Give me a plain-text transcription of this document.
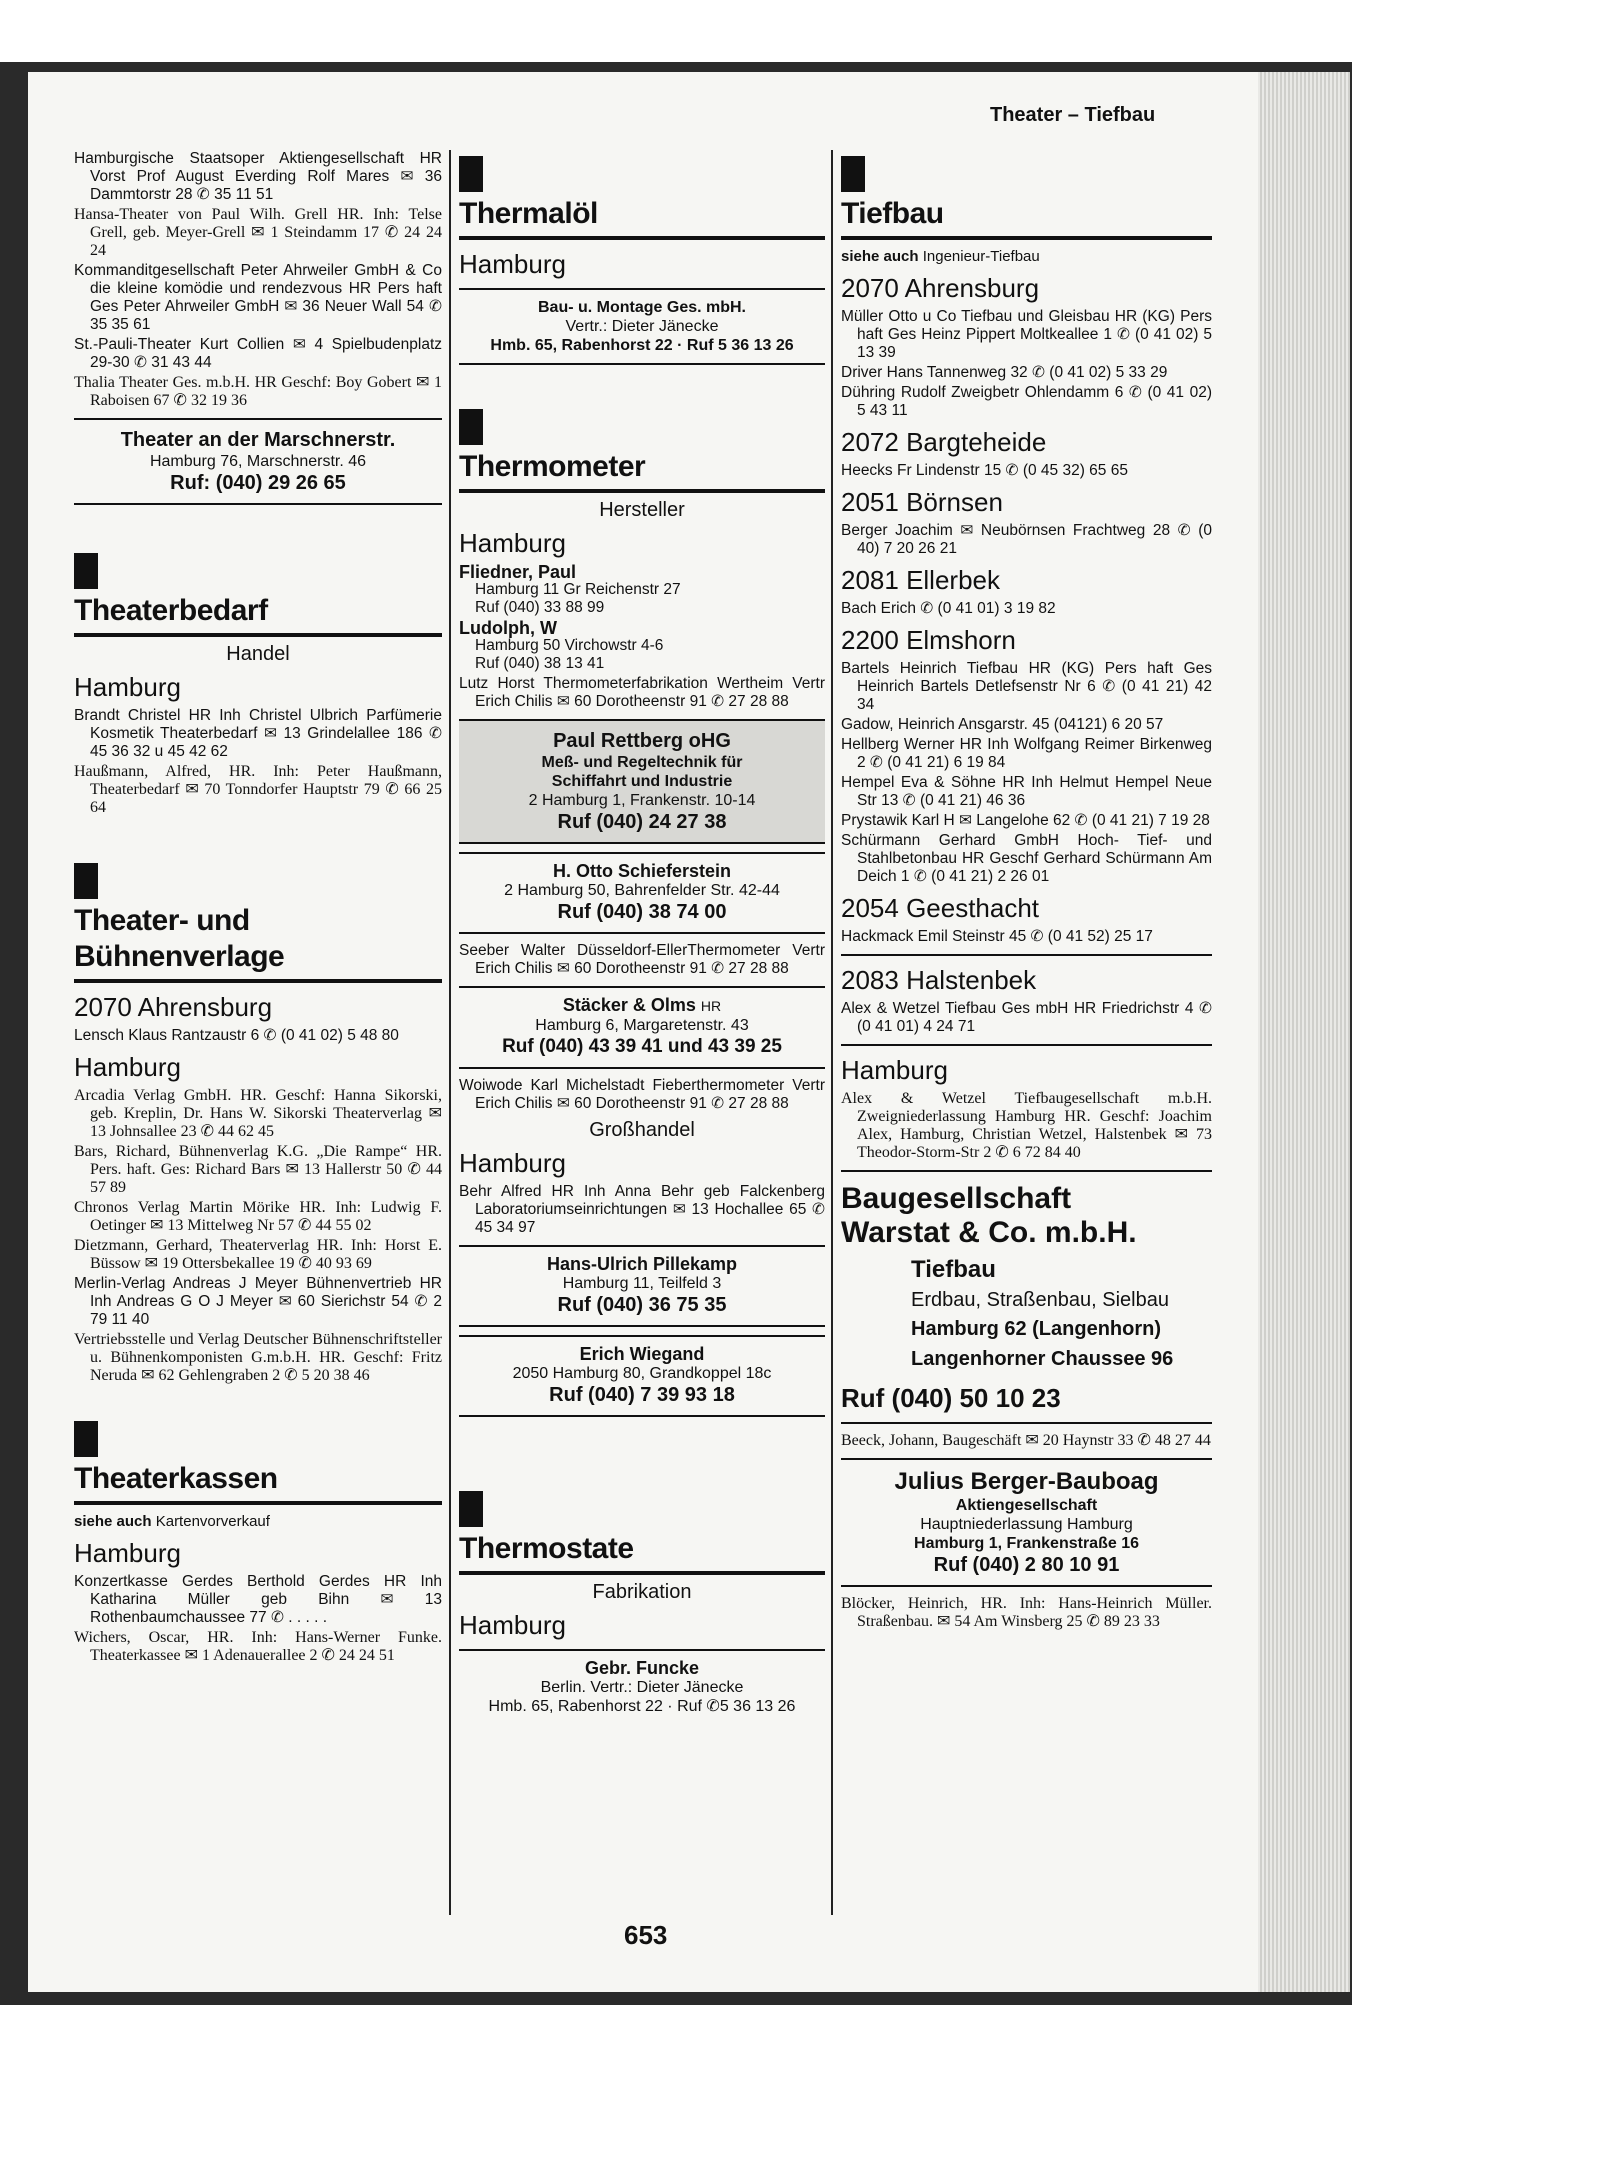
Theater – Tiefbau
Hamburgische Staatsoper Aktiengesellschaft HR Vorst Prof August Everding Rolf Mares ✉ 36 Dammtorstr 28 ✆ 35 11 51
Hansa-Theater von Paul Wilh. Grell HR. Inh: Telse Grell, geb. Meyer-Grell ✉ 1 Steindamm 17 ✆ 24 24 24
Kommanditgesellschaft Peter Ahrweiler GmbH & Co die kleine komödie und rendezvous HR Pers haft Ges Peter Ahrweiler GmbH ✉ 36 Neuer Wall 54 ✆ 35 35 61
St.-Pauli-Theater Kurt Collien ✉ 4 Spielbudenplatz 29-30 ✆ 31 43 44
Thalia Theater Ges. m.b.H. HR Geschf: Boy Gobert ✉ 1 Raboisen 67 ✆ 32 19 36
Theater an der Marschnerstr.
Hamburg 76, Marschnerstr. 46
Ruf: (040) 29 26 65
Theaterbedarf
Handel
Hamburg
Brandt Christel HR Inh Christel Ulbrich Parfümerie Kosmetik Theaterbedarf ✉ 13 Grindelallee 186 ✆ 45 36 32 u 45 42 62
Haußmann, Alfred, HR. Inh: Peter Haußmann, Theaterbedarf ✉ 70 Tonndorfer Hauptstr 79 ✆ 66 25 64
Theater- und Bühnenverlage
2070 Ahrensburg
Lensch Klaus Rantzaustr 6 ✆ (0 41 02) 5 48 80
Hamburg
Arcadia Verlag GmbH. HR. Geschf: Hanna Sikorski, geb. Kreplin, Dr. Hans W. Sikorski Theaterverlag ✉ 13 Johnsallee 23 ✆ 44 62 45
Bars, Richard, Bühnenverlag K.G. „Die Rampe“ HR. Pers. haft. Ges: Richard Bars ✉ 13 Hallerstr 50 ✆ 44 57 89
Chronos Verlag Martin Mörike HR. Inh: Ludwig F. Oetinger ✉ 13 Mittelweg Nr 57 ✆ 44 55 02
Dietzmann, Gerhard, Theaterverlag HR. Inh: Horst E. Büssow ✉ 19 Ottersbekallee 19 ✆ 40 93 69
Merlin-Verlag Andreas J Meyer Bühnenvertrieb HR Inh Andreas G O J Meyer ✉ 60 Sierichstr 54 ✆ 2 79 11 40
Vertriebsstelle und Verlag Deutscher Bühnenschriftsteller u. Bühnenkomponisten G.m.b.H. HR. Geschf: Fritz Neruda ✉ 62 Gehlengraben 2 ✆ 5 20 38 46
Theaterkassen
siehe auch Kartenvorverkauf
Hamburg
Konzertkasse Gerdes Berthold Gerdes HR Inh Katharina Müller geb Bihn ✉ 13 Rothenbaumchaussee 77 ✆ . . . . .
Wichers, Oscar, HR. Inh: Hans-Werner Funke. Theaterkassee ✉ 1 Adenauerallee 2 ✆ 24 24 51
Thermalöl
Hamburg
Bau- u. Montage Ges. mbH.
Vertr.: Dieter Jänecke
Hmb. 65, Rabenhorst 22 · Ruf 5 36 13 26
Thermometer
Hersteller
Hamburg
Fliedner, Paul
Hamburg 11 Gr Reichenstr 27
Ruf (040) 33 88 99
Ludolph, W
Hamburg 50 Virchowstr 4-6
Ruf (040) 38 13 41
Lutz Horst Thermometerfabrikation Wertheim Vertr Erich Chilis ✉ 60 Dorotheenstr 91 ✆ 27 28 88
Paul Rettberg oHG
Meß- und Regeltechnik für
Schiffahrt und Industrie
2 Hamburg 1, Frankenstr. 10-14
Ruf (040) 24 27 38
H. Otto Schieferstein
2 Hamburg 50, Bahrenfelder Str. 42-44
Ruf (040) 38 74 00
Seeber Walter Düsseldorf-EllerThermometer Vertr Erich Chilis ✉ 60 Dorotheenstr 91 ✆ 27 28 88
Stäcker & Olms HR
Hamburg 6, Margaretenstr. 43
Ruf (040) 43 39 41 und 43 39 25
Woiwode Karl Michelstadt Fieberthermometer Vertr Erich Chilis ✉ 60 Dorotheenstr 91 ✆ 27 28 88
Großhandel
Hamburg
Behr Alfred HR Inh Anna Behr geb Falckenberg Laboratoriumseinrichtungen ✉ 13 Hochallee 65 ✆ 45 34 97
Hans-Ulrich Pillekamp
Hamburg 11, Teilfeld 3
Ruf (040) 36 75 35
Erich Wiegand
2050 Hamburg 80, Grandkoppel 18c
Ruf (040) 7 39 93 18
Thermostate
Fabrikation
Hamburg
Gebr. Funcke
Berlin. Vertr.: Dieter Jänecke
Hmb. 65, Rabenhorst 22 · Ruf ✆5 36 13 26
Tiefbau
siehe auch Ingenieur-Tiefbau
2070 Ahrensburg
Müller Otto u Co Tiefbau und Gleisbau HR (KG) Pers haft Ges Heinz Pippert Moltkeallee 1 ✆ (0 41 02) 5 13 39
Driver Hans Tannenweg 32 ✆ (0 41 02) 5 33 29
Dühring Rudolf Zweigbetr Ohlendamm 6 ✆ (0 41 02) 5 43 11
2072 Bargteheide
Heecks Fr Lindenstr 15 ✆ (0 45 32) 65 65
2051 Börnsen
Berger Joachim ✉ Neubörnsen Frachtweg 28 ✆ (0 40) 7 20 26 21
2081 Ellerbek
Bach Erich ✆ (0 41 01) 3 19 82
2200 Elmshorn
Bartels Heinrich Tiefbau HR (KG) Pers haft Ges Heinrich Bartels Detlefsenstr Nr 6 ✆ (0 41 21) 42 34
Gadow, Heinrich Ansgarstr. 45 (04121) 6 20 57
Hellberg Werner HR Inh Wolfgang Reimer Birkenweg 2 ✆ (0 41 21) 6 19 84
Hempel Eva & Söhne HR Inh Helmut Hempel Neue Str 13 ✆ (0 41 21) 46 36
Prystawik Karl H ✉ Langelohe 62 ✆ (0 41 21) 7 19 28
Schürmann Gerhard GmbH Hoch- Tief- und Stahlbetonbau HR Geschf Gerhard Schürmann Am Deich 1 ✆ (0 41 21) 2 26 01
2054 Geesthacht
Hackmack Emil Steinstr 45 ✆ (0 41 52) 25 17
2083 Halstenbek
Alex & Wetzel Tiefbau Ges mbH HR Friedrichstr 4 ✆ (0 41 01) 4 24 71
Hamburg
Alex & Wetzel Tiefbaugesellschaft m.b.H. Zweigniederlassung Hamburg HR. Geschf: Joachim Alex, Hamburg, Christian Wetzel, Halstenbek ✉ 73 Theodor-Storm-Str 2 ✆ 6 72 84 40
Baugesellschaft
Warstat & Co. m.b.H.
Tiefbau
Erdbau, Straßenbau, Sielbau
Hamburg 62 (Langenhorn)
Langenhorner Chaussee 96
Ruf (040) 50 10 23
Beeck, Johann, Baugeschäft ✉ 20 Haynstr 33 ✆ 48 27 44
Julius Berger-Bauboag
Aktiengesellschaft
Hauptniederlassung Hamburg
Hamburg 1, Frankenstraße 16
Ruf (040) 2 80 10 91
Blöcker, Heinrich, HR. Inh: Hans-Heinrich Müller. Straßenbau. ✉ 54 Am Winsberg 25 ✆ 89 23 33
653
